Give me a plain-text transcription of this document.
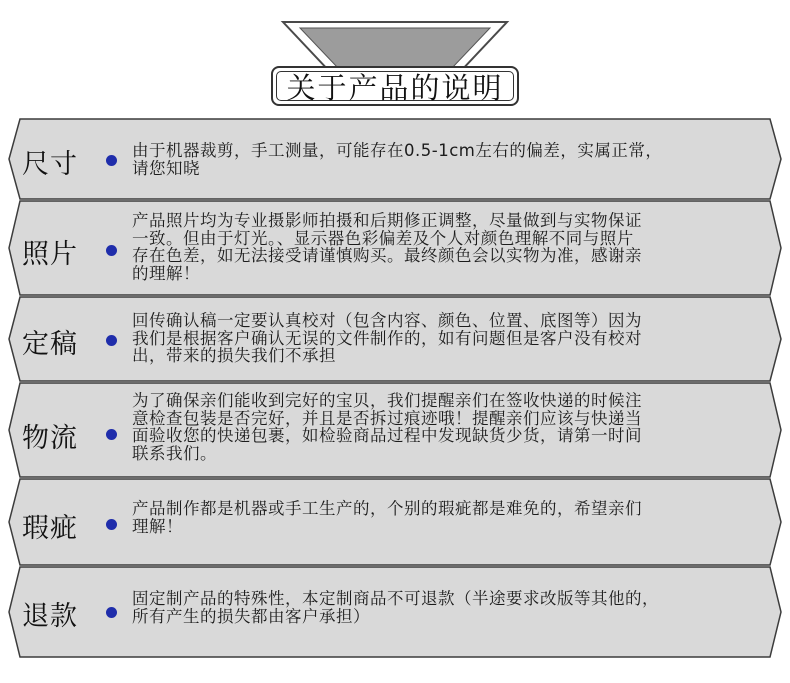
关于产品的说明
尺寸	由于机器裁剪，手工测量，可能存在0.5-1cm左右的偏差，实属正常，
请您知晓
照片
产品照片均为专业摄影师拍摄和后期修正调整，尽量做到与实物保证
一致。但由于灯光。、显示器色彩偏差及个人对颜色理解不同与照片
存在色差，如无法接受请谨慎购买。最终颜色会以实物为准，感谢亲
的理解！
定稿
回传确认稿一定要认真校对（包含内容、颜色、位置、底图等）因为
我们是根据客户确认无误的文件制作的，如有问题但是客户没有校对
出，带来的损失我们不承担
物流
为了确保亲们能收到完好的宝贝，我们提醒亲们在签收快递的时候注
意检查包装是否完好，并且是否拆过痕迹哦！提醒亲们应该与快递当
面验收您的快递包裹，如检验商品过程中发现缺货少货，请第一时间
联系我们。
瑕疵
产品制作都是机器或手工生产的，个别的瑕疵都是难免的，希望亲们
理解！
退款
固定制产品的特殊性，本定制商品不可退款（半途要求改版等其他的，
所有产生的损失都由客户承担）
